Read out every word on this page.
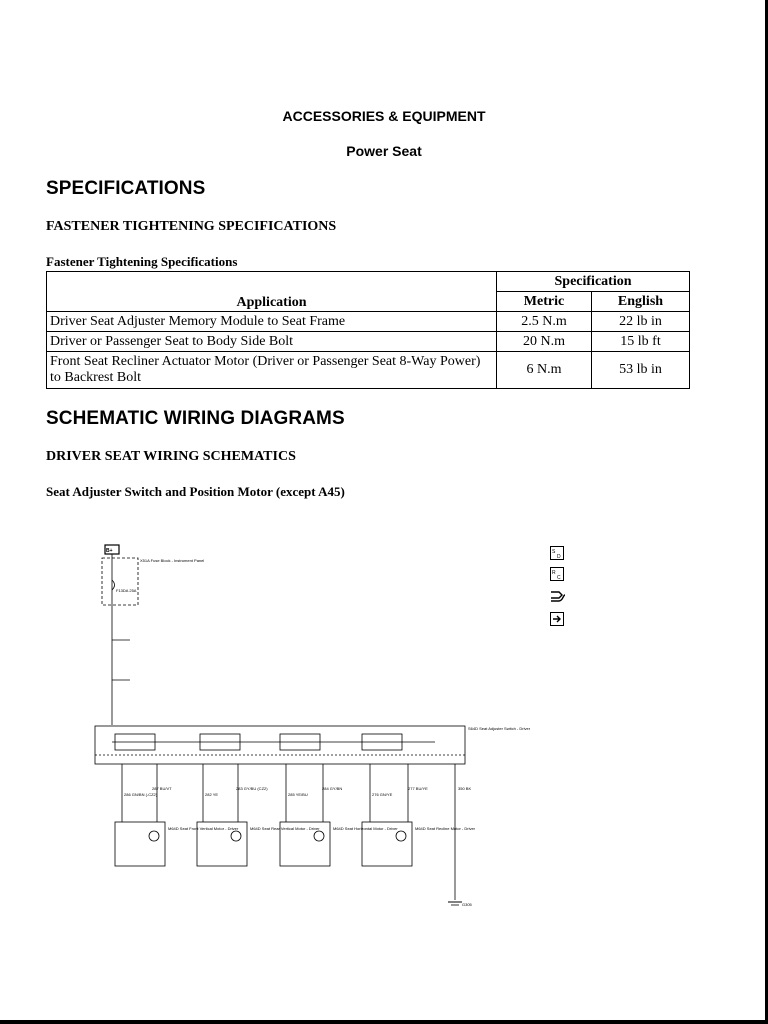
ACCESSORIES & EQUIPMENT
Power Seat
SPECIFICATIONS
FASTENER TIGHTENING SPECIFICATIONS
Fastener Tightening Specifications
Application	Specification	
	Metric	English
Driver Seat Adjuster Memory Module to Seat Frame	2.5 N.m	22 lb in
Driver or Passenger Seat to Body Side Bolt	20 N.m	15 lb ft
Front Seat Recliner Actuator Motor (Driver or Passenger Seat 8-Way Power) to Backrest Bolt	6 N.m	53 lb in
SCHEMATIC WIRING DIAGRAMS
DRIVER SEAT WIRING SCHEMATICS
Seat Adjuster Switch and Position Motor (except A45)
S
D
R
C
B+
X51A Fuse Block - Instrument Panel
F13DA 25A
S64D Seat Adjuster Switch - Driver
286 GN/BN (-CZ2)
287 BU/VT
282 YE
283 GY/BU (CZ2)
285 YE/BU
284 GY/BN
276 GN/YE
277 BU/YE	350 BK
M64D Seat Front Vertical Motor - Driver	M64D Seat Rear Vertical Motor - Driver	M64D Seat Horizontal Motor - Driver	M64D Seat Recline Motor - Driver
G305
